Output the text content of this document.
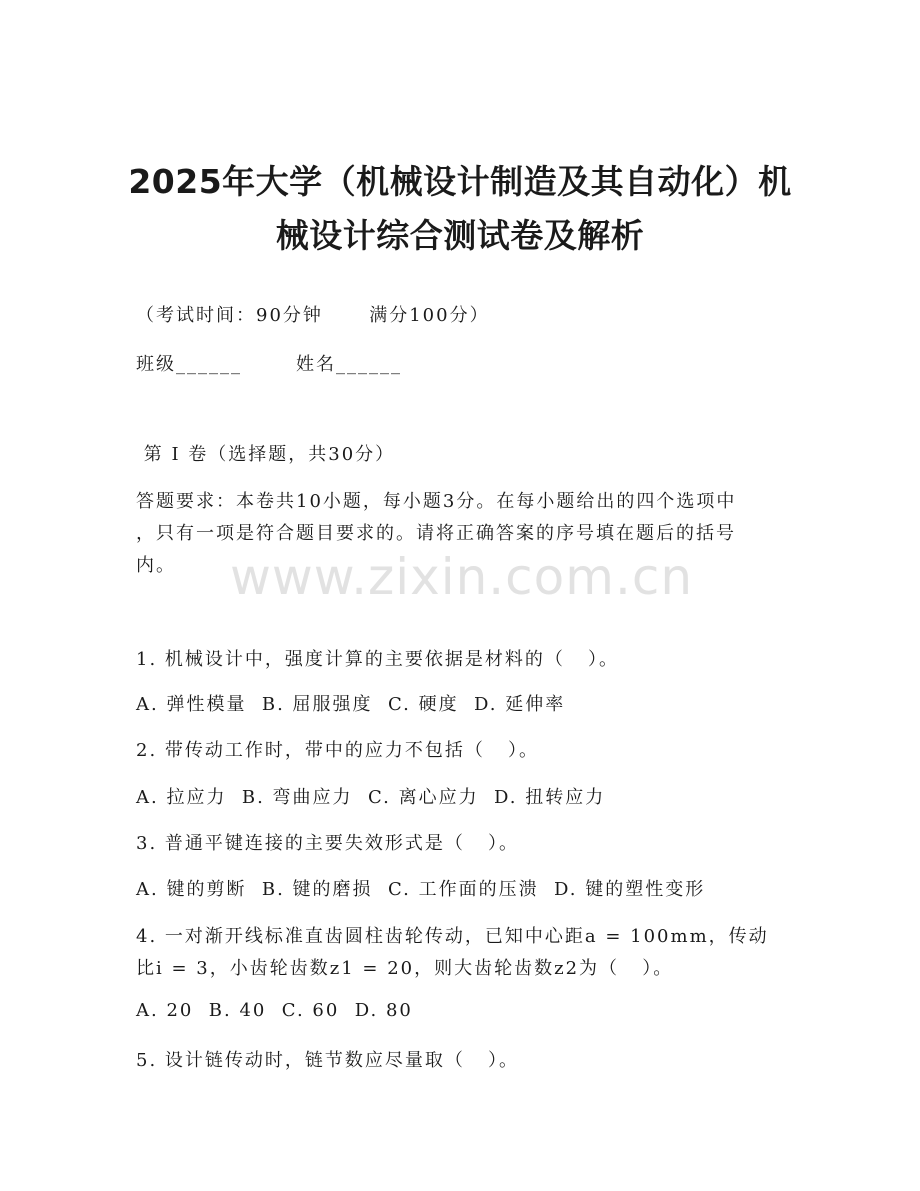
2025年大学（机械设计制造及其自动化）机
械设计综合测试卷及解析
（考试时间：90分钟      满分100分）
班级______       姓名______
第 I 卷（选择题，共30分）
答题要求：本卷共10小题，每小题3分。在每小题给出的四个选项中
，只有一项是符合题目要求的。请将正确答案的序号填在题后的括号
内。 www.zixin.com.cn
1. 机械设计中，强度计算的主要依据是材料的（   ）。
A. 弹性模量  B. 屈服强度  C. 硬度  D. 延伸率
2. 带传动工作时，带中的应力不包括（   ）。
A. 拉应力  B. 弯曲应力  C. 离心应力  D. 扭转应力
3. 普通平键连接的主要失效形式是（   ）。
A. 键的剪断  B. 键的磨损  C. 工作面的压溃  D. 键的塑性变形
4. 一对渐开线标准直齿圆柱齿轮传动，已知中心距a = 100mm，传动
比i = 3，小齿轮齿数z1 = 20，则大齿轮齿数z2为（   ）。
A. 20  B. 40  C. 60  D. 80
5. 设计链传动时，链节数应尽量取（   ）。
